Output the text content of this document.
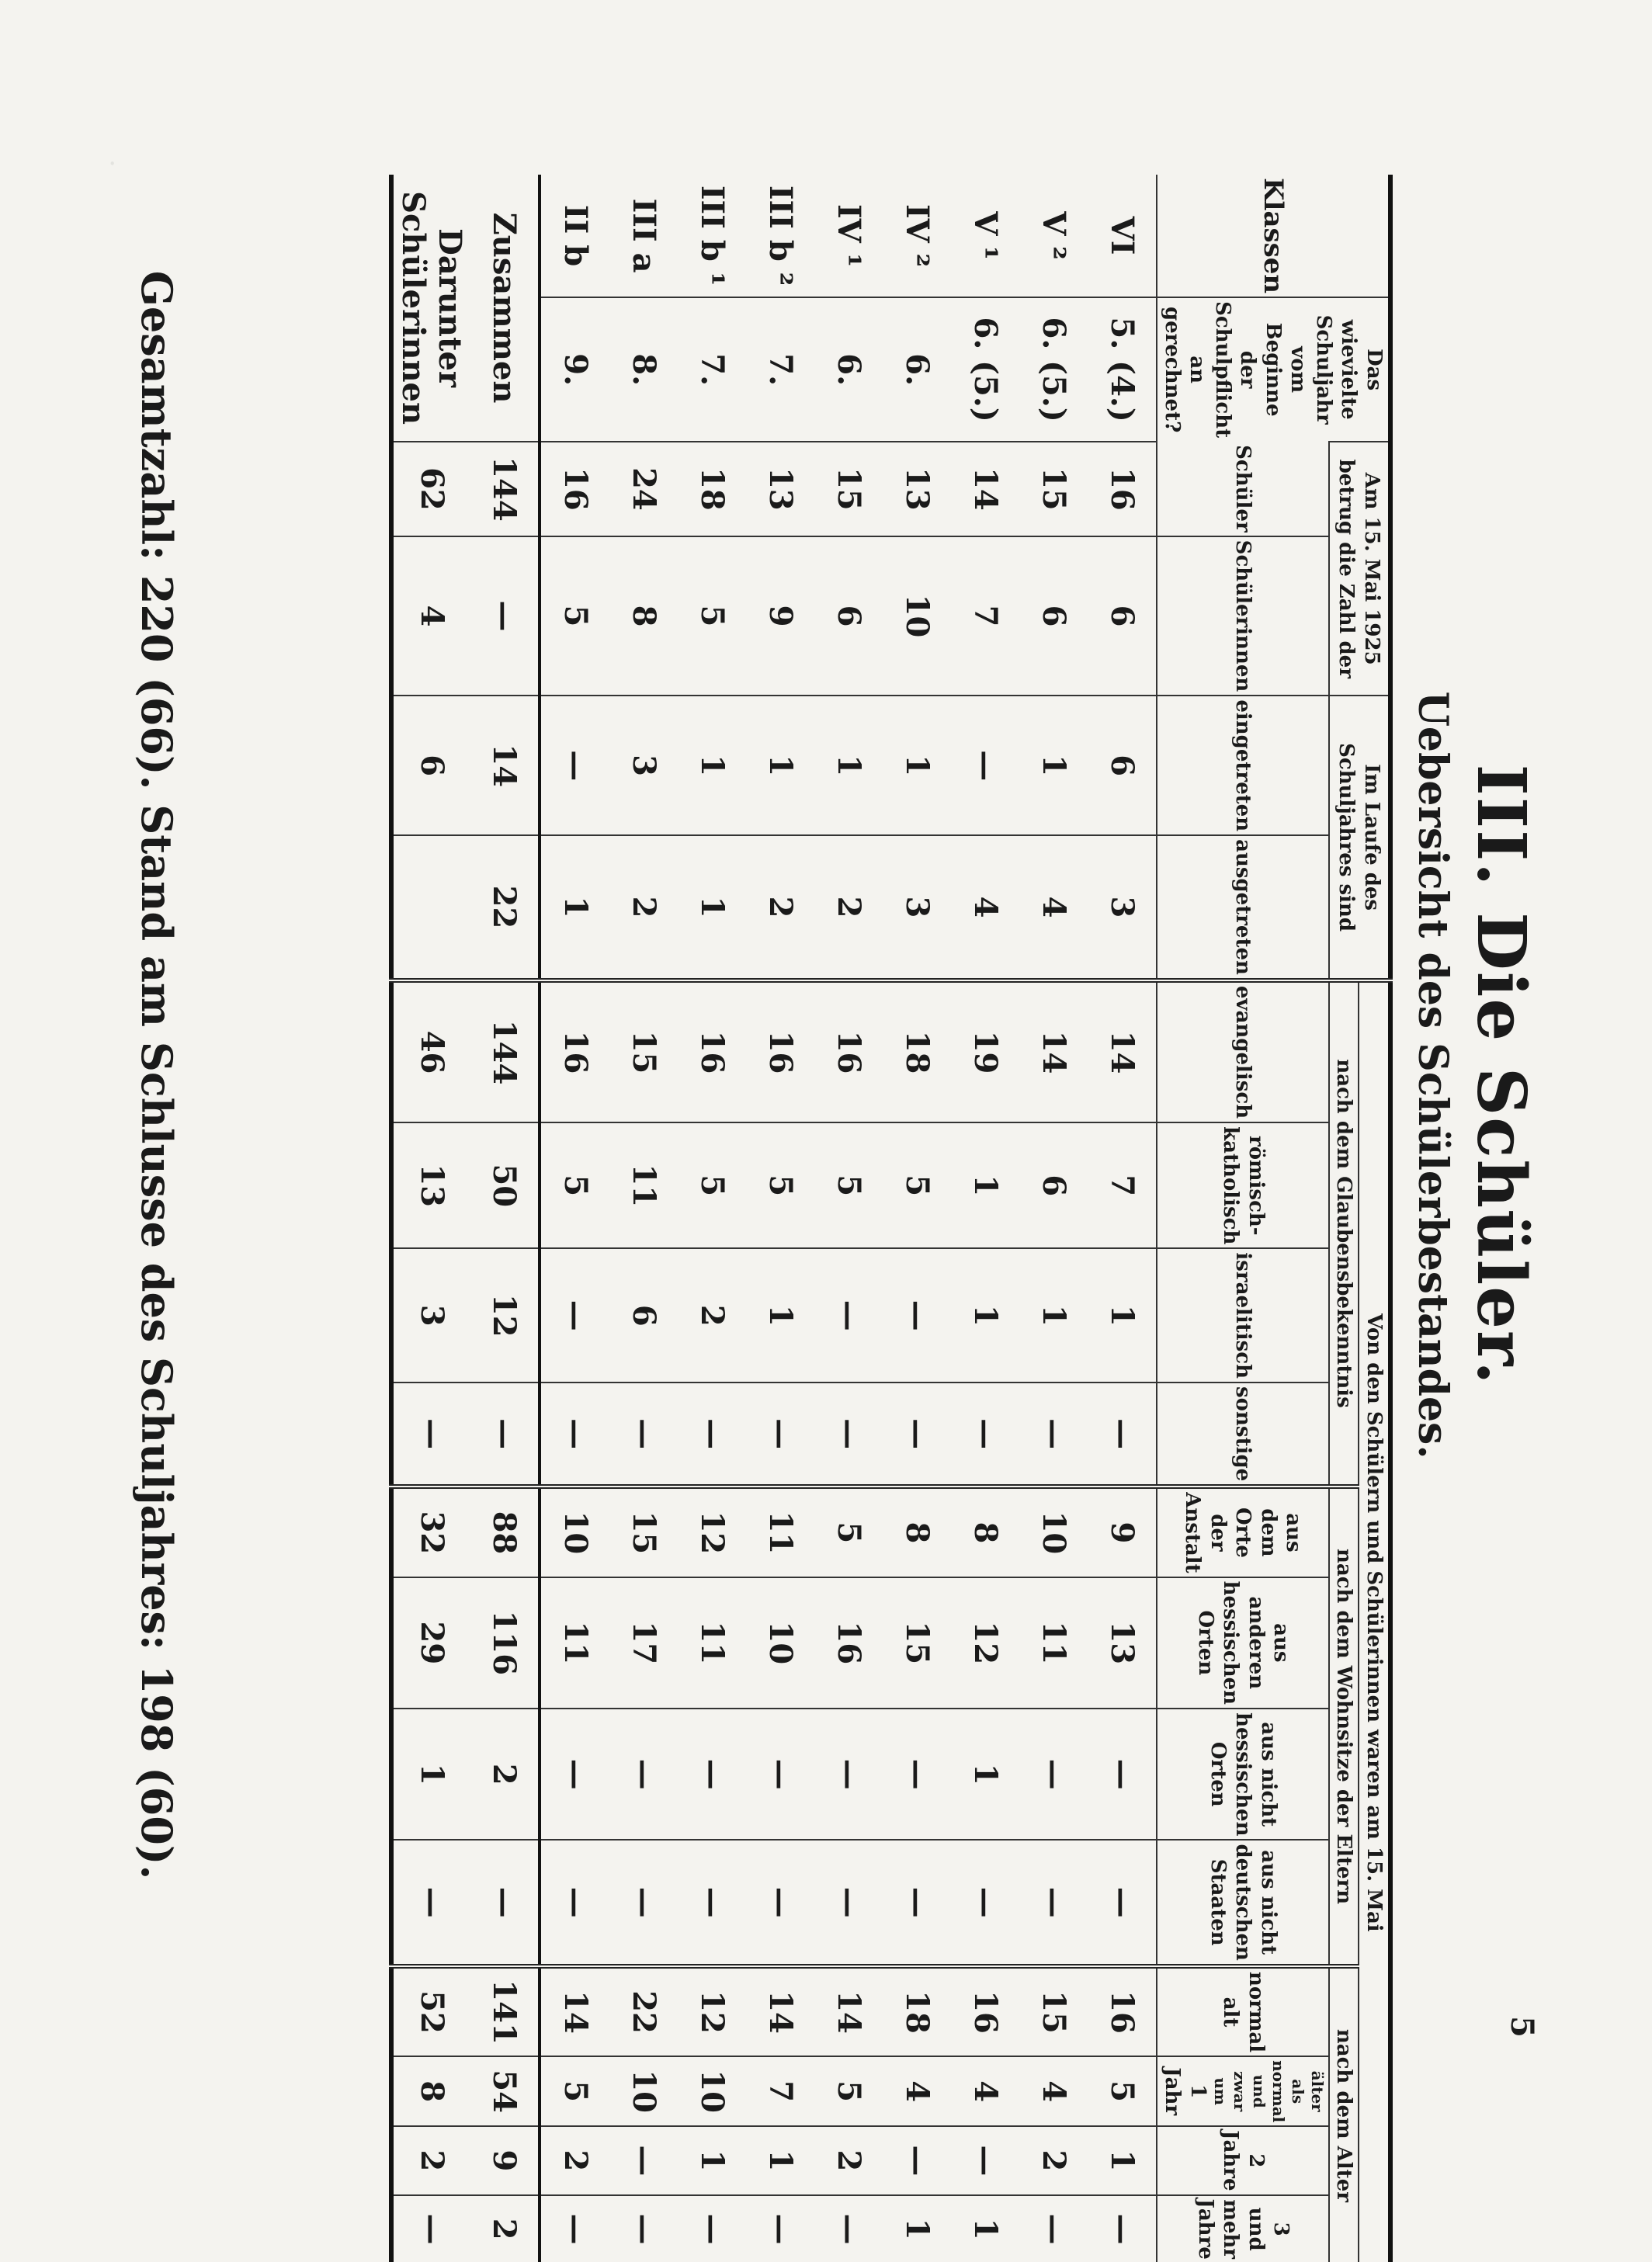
·
5
III. Die Schüler.
Uebersicht des Schülerbestandes.
Klassen	Das wievielte Schuljahr vom Beginne der Schulpflicht an gerechnet?	Am 15. Mai 1925 betrug die Zahl der		Im Laufe des Schuljahres sind		Von den Schülern und Schülerinnen waren am 15. Mai											
						nach dem Glaubensbekenntnis				nach dem Wohnsitze der Eltern				nach dem Alter			
		Schüler	Schülerinnen	eingetreten	ausgetreten	evangelisch	römisch-katholisch	israelitisch	sonstige	aus dem Orte der Anstalt	aus anderen hessischen Orten	aus nicht hessischen Orten	aus nicht deutschen Staaten	normal alt	älter als normal und zwar um
1 Jahr	2 Jahre	3 und mehr Jahre
VI	5. (4.)	16	6	6	3	14	7	1	—	9	13	—	—	16	5	1	—
V ²	6. (5.)	15	6	1	4	14	6	1	—	10	11	—	—	15	4	2	—
V ¹	6. (5.)	14	7	—	4	19	1	1	—	8	12	1	—	16	4	—	1
IV ²	6.	13	10	1	3	18	5	—	—	8	15	—	—	18	4	—	1
IV ¹	6.	15	6	1	2	16	5	—	—	5	16	—	—	14	5	2	—
III b ²	7.	13	9	1	2	16	5	1	—	11	10	—	—	14	7	1	—
III b ¹	7.	18	5	1	1	16	5	2	—	12	11	—	—	12	10	1	—
III a	8.	24	8	3	2	15	11	6	—	15	17	—	—	22	10	—	—
II b	9.	16	5	—	1	16	5	—	—	10	11	—	—	14	5	2	—
Zusammen		144	—	14	22	144	50	12	—	88	116	2	—	141	54	9	2
Darunter Schülerinnen		62	4	6		46	13	3	—	32	29	1	—	52	8	2	—
Gesamtzahl: 220 (66). Stand am Schlusse des Schuljahres: 198 (60).
